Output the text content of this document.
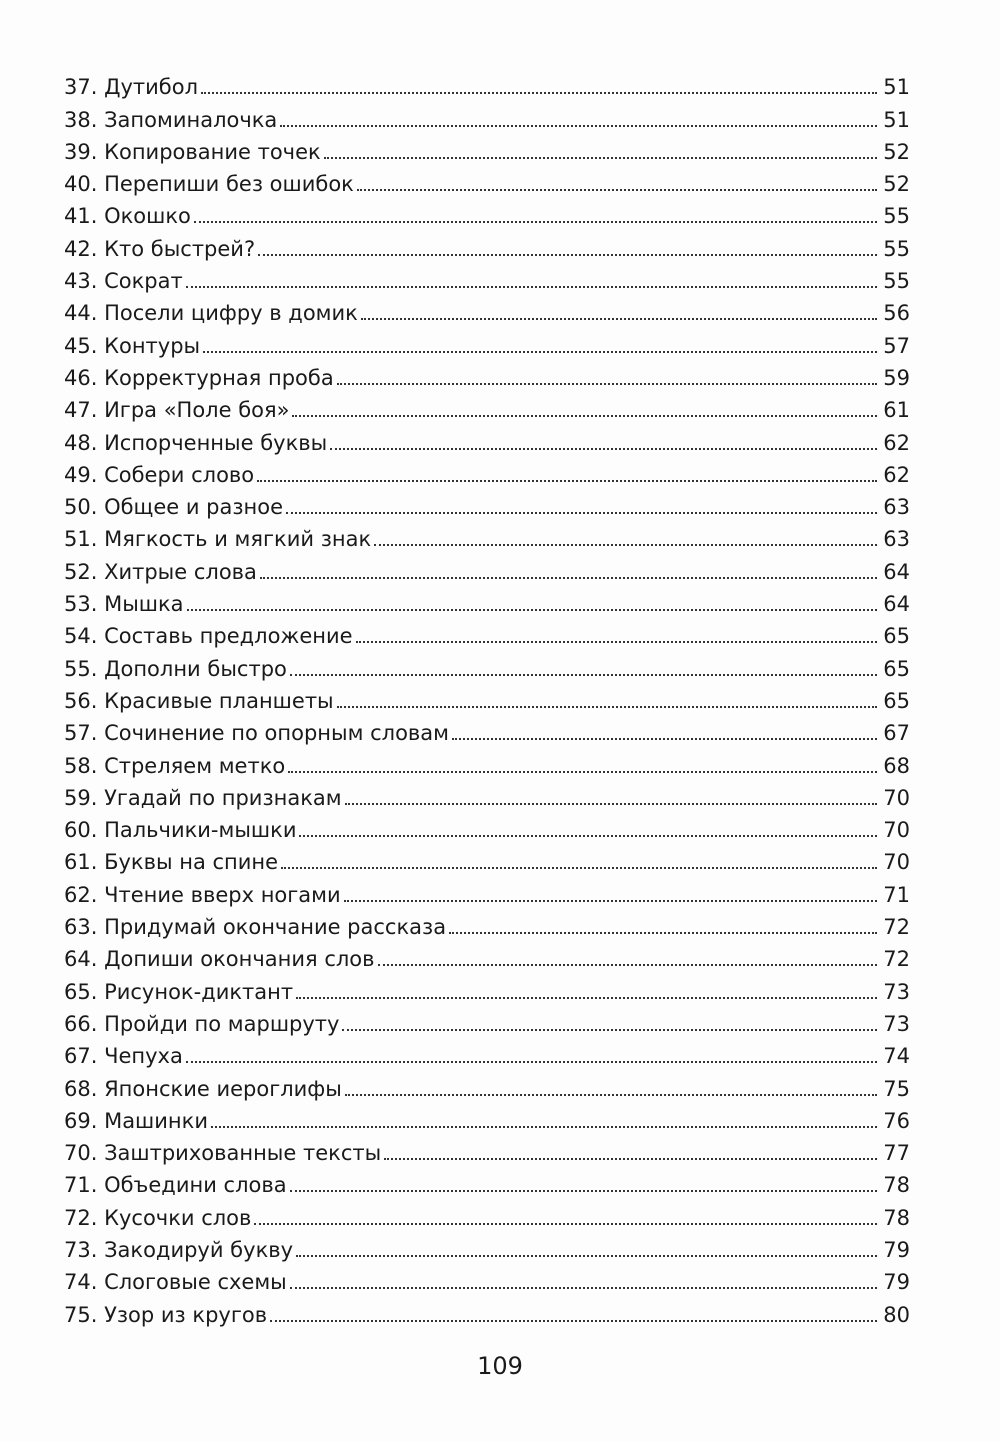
37. Дутибол	51
38. Запоминалочка	51
39. Копирование точек	52
40. Перепиши без ошибок	52
41. Окошко	55
42. Кто быстрей?	55
43. Сократ	55
44. Посели цифру в домик	56
45. Контуры	57
46. Корректурная проба	59
47. Игра «Поле боя»	61
48. Испорченные буквы	62
49. Собери слово	62
50. Общее и разное	63
51. Мягкость и мягкий знак	63
52. Хитрые слова	64
53. Мышка	64
54. Составь предложение	65
55. Дополни быстро	65
56. Красивые планшеты	65
57. Сочинение по опорным словам	67
58. Стреляем метко	68
59. Угадай по признакам	70
60. Пальчики-мышки	70
61. Буквы на спине	70
62. Чтение вверх ногами	71
63. Придумай окончание рассказа	72
64. Допиши окончания слов	72
65. Рисунок-диктант	73
66. Пройди по маршруту	73
67. Чепуха	74
68. Японские иероглифы	75
69. Машинки	76
70. Заштрихованные тексты	77
71. Объедини слова	78
72. Кусочки слов	78
73. Закодируй букву	79
74. Слоговые схемы	79
75. Узор из кругов	80
109
